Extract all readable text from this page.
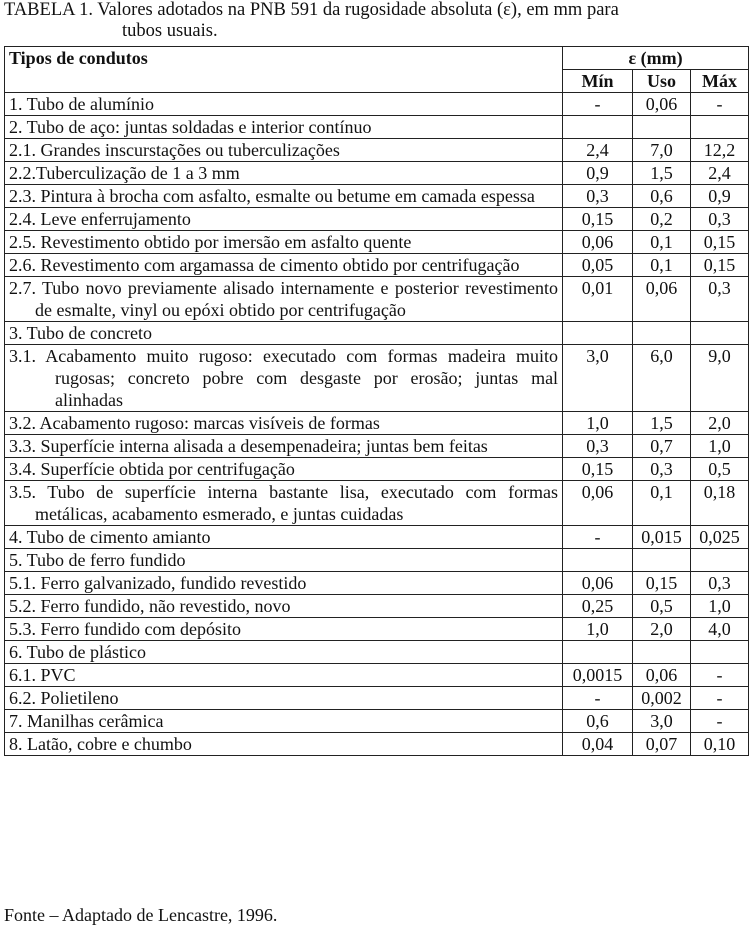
TABELA 1. Valores adotados na PNB 591 da rugosidade absoluta (ε), em mm para
tubos usuais.
Tipos de condutos	ε (mm)		
	Mín	Uso	Máx
1. Tubo de alumínio	-	0,06	-
2. Tubo de aço: juntas soldadas e interior contínuo			
2.1. Grandes inscurstações ou tuberculizações	2,4	7,0	12,2
2.2.Tuberculização de 1 a 3 mm	0,9	1,5	2,4
2.3. Pintura à brocha com asfalto, esmalte ou betume em camada espessa	0,3	0,6	0,9
2.4. Leve enferrujamento	0,15	0,2	0,3
2.5. Revestimento obtido por imersão em asfalto quente	0,06	0,1	0,15
2.6. Revestimento com argamassa de cimento obtido por centrifugação	0,05	0,1	0,15
2.7. Tubo novo previamente alisado internamente e posterior revestimento de esmalte, vinyl ou epóxi obtido por centrifugação	0,01	0,06	0,3
3. Tubo de concreto			
3.1. Acabamento muito rugoso: executado com formas madeira muito rugosas; concreto pobre com desgaste por erosão; juntas mal alinhadas	3,0	6,0	9,0
3.2. Acabamento rugoso: marcas visíveis de formas	1,0	1,5	2,0
3.3. Superfície interna alisada a desempenadeira; juntas bem feitas	0,3	0,7	1,0
3.4. Superfície obtida por centrifugação	0,15	0,3	0,5
3.5. Tubo de superfície interna bastante lisa, executado com formas metálicas, acabamento esmerado, e juntas cuidadas	0,06	0,1	0,18
4. Tubo de cimento amianto	-	0,015	0,025
5. Tubo de ferro fundido			
5.1. Ferro galvanizado, fundido revestido	0,06	0,15	0,3
5.2. Ferro fundido, não revestido, novo	0,25	0,5	1,0
5.3. Ferro fundido com depósito	1,0	2,0	4,0
6. Tubo de plástico			
6.1. PVC	0,0015	0,06	-
6.2. Polietileno	-	0,002	-
7. Manilhas cerâmica	0,6	3,0	-
8. Latão, cobre e chumbo	0,04	0,07	0,10
Fonte – Adaptado de Lencastre, 1996.
